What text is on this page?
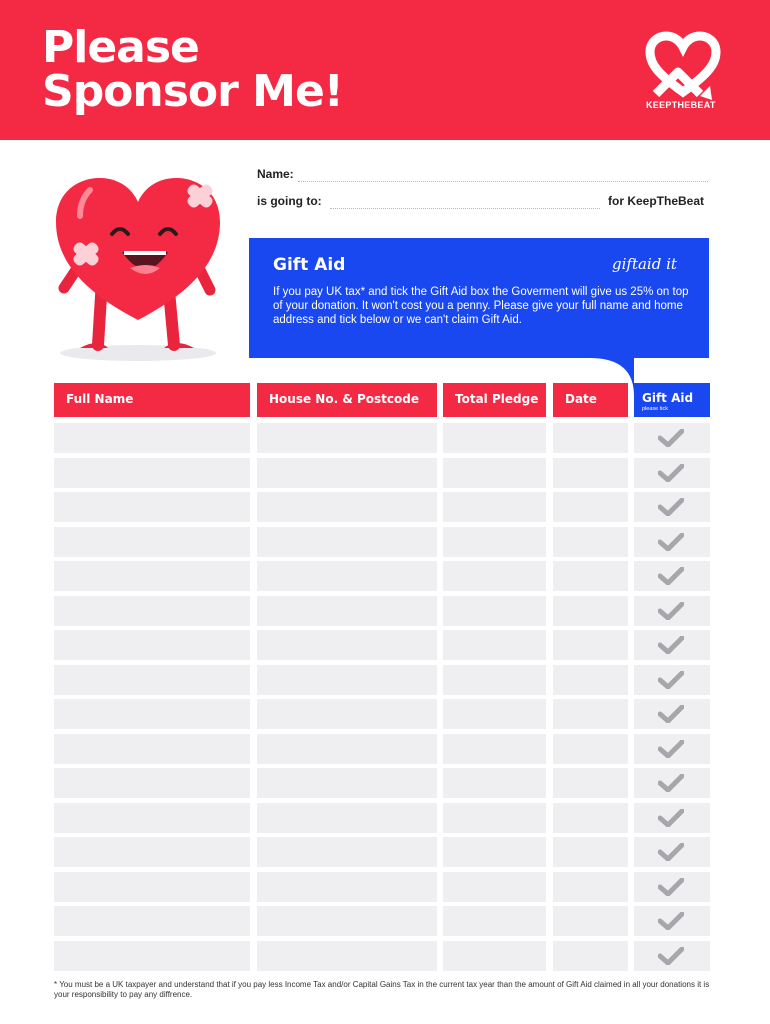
Please
Sponsor Me!	KEEPTHEBEAT
Name:
is going to:	for KeepTheBeat
Gift Aid	giftaid it
If you pay UK tax* and tick the Gift Aid box the Goverment will give us 25% on top of your donation. It won't cost you a penny. Please give your full name and home address and tick below or we can't claim Gift Aid.
Full Name	House No. & Postcode	Total Pledge	Date	Gift Aid
please tick
* You must be a UK taxpayer and understand that if you pay less Income Tax and/or Capital Gains Tax in the current tax year than the amount of Gift Aid claimed in all your donations it is your responsibility to pay any diffrence.
